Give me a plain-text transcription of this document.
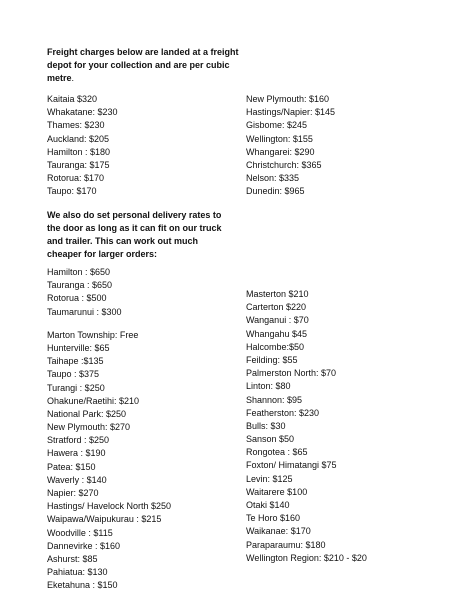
Freight charges below are landed at a freight depot for your collection and are per cubic metre.

Kaitaia $320
Whakatane: $230
Thames: $230
Auckland: $205
Hamilton : $180
Tauranga: $175
Rotorua: $170
Taupo: $170
New Plymouth: $160
Hastings/Napier: $145
Gisbome: $245
Wellington: $155
Whangarei: $290
Christchurch: $365
Nelson: $335
Dunedin: $965

We also do set personal delivery rates to the door as long as it can fit on our truck and trailer. This can work out much cheaper for larger orders:

Hamilton : $650
Tauranga : $650
Rotorua : $500
Taumarunui : $300
Marton Township: Free
Hunterville: $65
Taihape :$135
Taupo : $375
Turangi : $250
Ohakune/Raetihi: $210
National Park: $250
New Plymouth: $270
Stratford : $250
Hawera : $190
Patea: $150
Waverly : $140
Napier: $270
Hastings/ Havelock North $250
Waipawa/Waipukurau : $215
Woodville : $115
Dannevirke : $160
Ashurst: $85
Pahiatua: $130
Eketahuna : $150
Masterton $210
Carterton $220
Wanganui : $70
Whangahu $45
Halcombe:$50
Feilding: $55
Palmerston North: $70
Linton: $80
Shannon: $95
Featherston: $230
Bulls: $30
Sanson $50
Rongotea : $65
Foxton/ Himatangi $75
Levin: $125
Waitarere $100
Otaki $140
Te Horo $160
Waikanae: $170
Paraparaumu: $180
Wellington Region: $210 - $20
